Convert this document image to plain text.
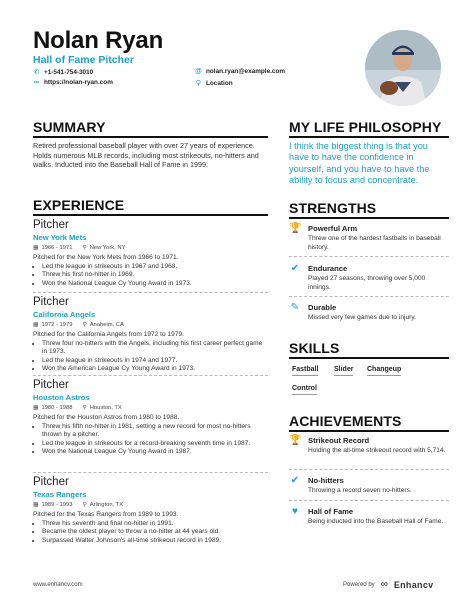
Nolan Ryan
Hall of Fame Pitcher
✆ +1-541-754-3010	@ nolan.ryan@example.com
∞ https://nolan-ryan.com	⚲ Location
SUMMARY
Retired professional baseball player with over 27 years of experience. Holds numerous MLB records, including most strikeouts, no-hitters and walks. Inducted into the Baseball Hall of Fame in 1999.
MY LIFE PHILOSOPHY
I think the biggest thing is that you have to have the confidence in yourself, and you have to have the ability to focus and concentrate.
EXPERIENCE
Pitcher
New York Mets
▦ 1966 - 1971 ⚲ New York, NY
Pitched for the New York Mets from 1966 to 1971.
• Led the league in strikeouts in 1967 and 1968.
• Threw his first no-hitter in 1969.
• Won the National League Cy Young Award in 1973.
Pitcher
California Angels
▦ 1972 - 1979 ⚲ Anaheim, CA
Pitched for the California Angels from 1972 to 1979.
• Threw four no-hitters with the Angels, including his first career perfect game in 1973.
• Led the league in strikeouts in 1974 and 1977.
• Won the American League Cy Young Award in 1973.
Pitcher
Houston Astros
▦ 1980 - 1988 ⚲ Houston, TX
Pitched for the Houston Astros from 1980 to 1988.
• Threw his fifth no-hitter in 1981, setting a new record for most no-hitters thrown by a pitcher.
• Led the league in strikeouts for a record-breaking seventh time in 1987.
• Won the National League Cy Young Award in 1987.
Pitcher
Texas Rangers
▦ 1989 - 1993 ⚲ Arlington, TX
Pitched for the Texas Rangers from 1989 to 1993.
• Threw his seventh and final no-hitter in 1991.
• Became the oldest player to throw a no-hitter at 44 years old.
• Surpassed Walter Johnson's all-time strikeout record in 1989.
STRENGTHS
🏆 Powerful Arm
Threw one of the hardest fastballs in baseball history.
✔ Endurance
Played 27 seasons, throwing over 5,000 innings.
✎ Durable
Missed very few games due to injury.
SKILLS
Fastball Slider Changeup
Control
ACHIEVEMENTS
🏆 Strikeout Record
Holding the all-time strikeout record with 5,714.
✔ No-hitters
Throwing a record seven no-hitters.
♥	Hall of Fame
Being inducted into the Baseball Hall of Fame.
www.enhancv.com	Powered by ∞ Enhancv
